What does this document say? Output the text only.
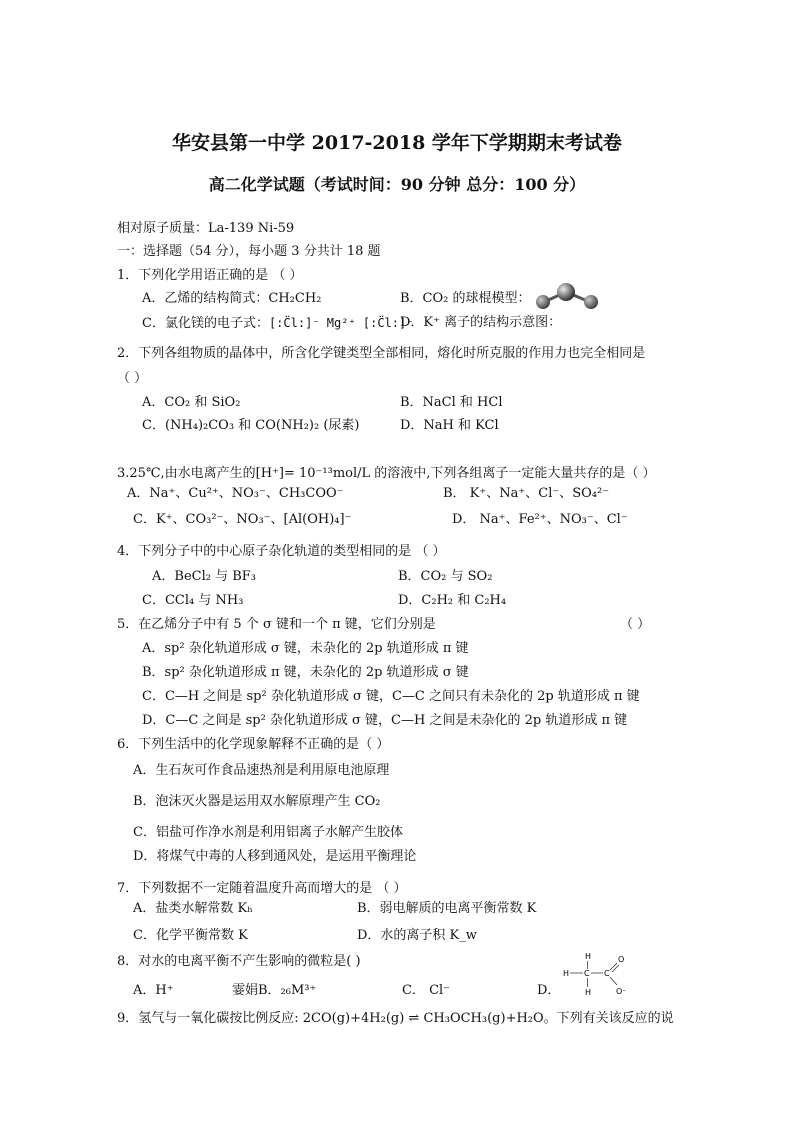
华安县第一中学 2017-2018 学年下学期期末考试卷
高二化学试题（考试时间：90 分钟 总分：100 分）
相对原子质量：La-139 Ni-59
一：选择题（54 分），每小题 3 分共计 18 题
1．下列化学用语正确的是 （ ）
A．乙烯的结构简式：CH₂CH₂	B．CO₂ 的球棍模型：
C．氯化镁的电子式：[:C̈l:]⁻ Mg²⁺ [:C̈l:]⁻
D．K⁺ 离子的结构示意图：
2．下列各组物质的晶体中，所含化学键类型全部相同，熔化时所克服的作用力也完全相同是
（ ）
A．CO₂ 和 SiO₂	B．NaCl 和 HCl
C．(NH₄)₂CO₃ 和 CO(NH₂)₂ (尿素)	D．NaH 和 KCl
3.25℃,由水电离产生的[H⁺]= 10⁻¹³mol/L 的溶液中,下列各组离子一定能大量共存的是（ ）
A．Na⁺、Cu²⁺、NO₃⁻、CH₃COO⁻	B． K⁺、Na⁺、Cl⁻、SO₄²⁻
C．K⁺、CO₃²⁻、NO₃⁻、[Al(OH)₄]⁻	D． Na⁺、Fe²⁺、NO₃⁻、Cl⁻
4．下列分子中的中心原子杂化轨道的类型相同的是 （ ）
A．BeCl₂ 与 BF₃	B．CO₂ 与 SO₂
C．CCl₄ 与 NH₃	D．C₂H₂ 和 C₂H₄
5．在乙烯分子中有 5 个 σ 键和一个 π 键，它们分别是	（ ）
A．sp² 杂化轨道形成 σ 键，未杂化的 2p 轨道形成 π 键
B．sp² 杂化轨道形成 π 键，未杂化的 2p 轨道形成 σ 键
C．C—H 之间是 sp² 杂化轨道形成 σ 键，C—C 之间只有未杂化的 2p 轨道形成 π 键
D．C—C 之间是 sp² 杂化轨道形成 σ 键，C—H 之间是未杂化的 2p 轨道形成 π 键
6．下列生活中的化学现象解释不正确的是（ ）
A．生石灰可作食品速热剂是利用原电池原理
B．泡沫灭火器是运用双水解原理产生 CO₂
C．铝盐可作净水剂是利用铝离子水解产生胶体
D．将煤气中毒的人移到通风处，是运用平衡理论
7．下列数据不一定随着温度升高而增大的是 （ ）
A．盐类水解常数 Kₕ	B．弱电解质的电离平衡常数 K
C．化学平衡常数 K	D．水的离子积 K_w
8．对水的电离平衡不产生影响的微粒是( )
A．H⁺	霎娟B．₂₆M³⁺	C． Cl⁻	D．
H
H C C
H
O
O⁻
9．氢气与一氧化碳按比例反应: 2CO(g)+4H₂(g) ⇌ CH₃OCH₃(g)+H₂O。下列有关该反应的说
